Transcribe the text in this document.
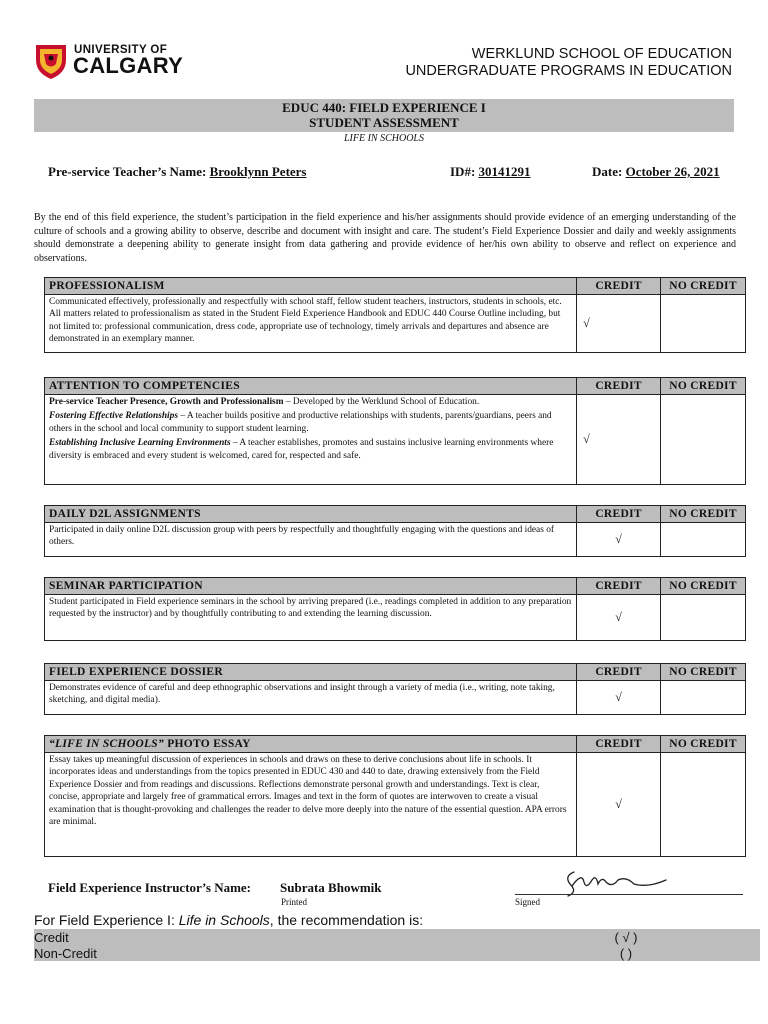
UNIVERSITY OF
CALGARY	WERKLUND SCHOOL OF EDUCATION
UNDERGRADUATE PROGRAMS IN EDUCATION
EDUC 440: FIELD EXPERIENCE I
STUDENT ASSESSMENT
LIFE IN SCHOOLS
Pre-service Teacher’s Name: Brooklynn Peters	ID#: 30141291	Date: October 26, 2021

By the end of this field experience, the student’s participation in the field experience and his/her assignments should provide evidence of an emerging understanding of the culture of schools and a growing ability to observe, describe and document with insight and care. The student’s Field Experience Dossier and daily and weekly assignments should demonstrate a deepening ability to generate insight from data gathering and provide evidence of her/his own ability to observe and reflect on experience and observations.

PROFESSIONALISM	CREDIT	NO CREDIT
Communicated effectively, professionally and respectfully with school staff, fellow student teachers, instructors, students in schools, etc. All matters related to professionalism as stated in the Student Field Experience Handbook and EDUC 440 Course Outline including, but not limited to: professional communication, dress code, appropriate use of technology, timely arrivals and departures and absence are demonstrated in an exemplary manner.	√	
ATTENTION TO COMPETENCIES	CREDIT	NO CREDIT

Pre-service Teacher Presence, Growth and Professionalism – Developed by the Werklund School of Education.
Fostering Effective Relationships – A teacher builds positive and productive relationships with students, parents/guardians, peers and others in the school and local community to support student learning.
Establishing Inclusive Learning Environments – A teacher establishes, promotes and sustains inclusive learning environments where diversity is embraced and every student is welcomed, cared for, respected and safe.	√	
DAILY D2L ASSIGNMENTS	CREDIT	NO CREDIT
Participated in daily online D2L discussion group with peers by respectfully and thoughtfully engaging with the questions and ideas of others.	√	
SEMINAR PARTICIPATION	CREDIT	NO CREDIT
Student participated in Field experience seminars in the school by arriving prepared (i.e., readings completed in addition to any preparation requested by the instructor) and by thoughtfully contributing to and extending the learning discussion.	√	
FIELD EXPERIENCE DOSSIER	CREDIT	NO CREDIT
Demonstrates evidence of careful and deep ethnographic observations and insight through a variety of media (i.e., writing, note taking, sketching, and digital media).	√	
“LIFE IN SCHOOLS” PHOTO ESSAY	CREDIT	NO CREDIT
Essay takes up meaningful discussion of experiences in schools and draws on these to derive conclusions about life in schools. It incorporates ideas and understandings from the topics presented in EDUC 430 and 440 to date, drawing extensively from the Field Experience Dossier and from readings and discussions. Reflections demonstrate personal growth and understandings. Text is clear, concise, appropriate and largely free of grammatical errors. Images and text in the form of quotes are interwoven to create a visual examination that is thought-provoking and challenges the reader to delve more deeply into the nature of the essential question. APA errors are minimal.	√	
Field Experience Instructor’s Name: Subrata Bhowmik
Printed	Signed
For Field Experience I: Life in Schools, the recommendation is:
Credit	( √ )
Non-Credit	( )
